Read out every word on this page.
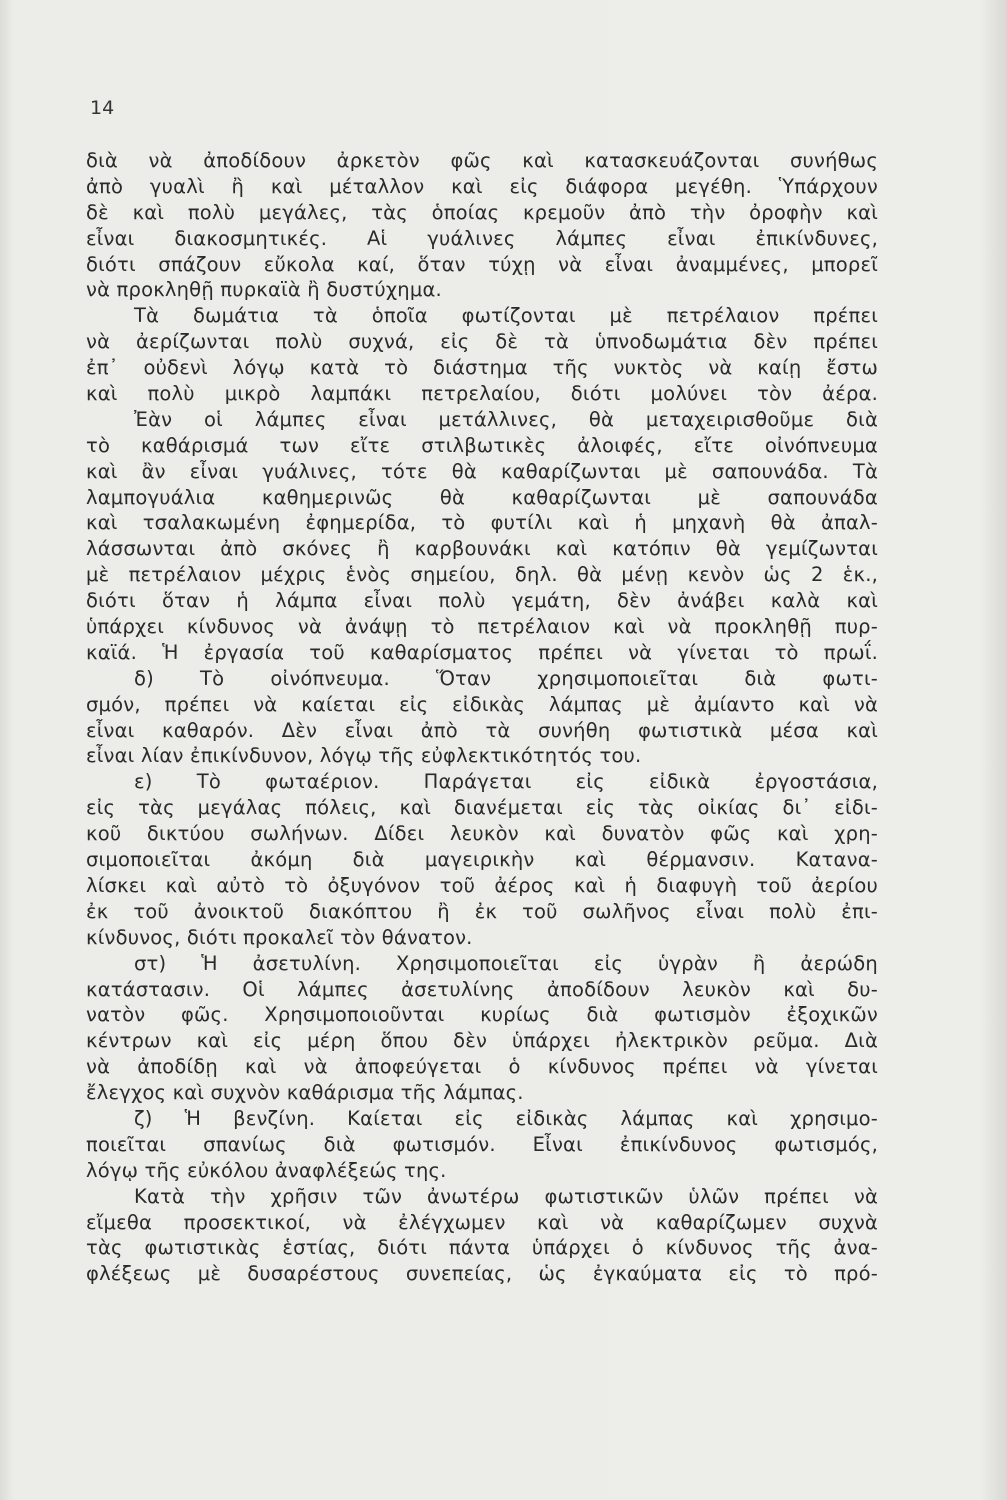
14
διὰ νὰ ἀποδίδουν ἀρκετὸν φῶς καὶ κατασκευάζονται συνήθως
ἀπὸ γυαλὶ ἢ καὶ μέταλλον καὶ εἰς διάφορα μεγέθη. Ὑπάρχουν
δὲ καὶ πολὺ μεγάλες, τὰς ὁποίας κρεμοῦν ἀπὸ τὴν ὀροφὴν καὶ
εἶναι διακοσμητικές. Αἱ γυάλινες λάμπες εἶναι ἐπικίνδυνες,
διότι σπάζουν εὔκολα καί, ὅταν τύχῃ νὰ εἶναι ἀναμμένες, μπορεῖ
νὰ προκληθῇ πυρκαϊὰ ἢ δυστύχημα.
Τὰ δωμάτια τὰ ὁποῖα φωτίζονται μὲ πετρέλαιον πρέπει
νὰ ἀερίζωνται πολὺ συχνά, εἰς δὲ τὰ ὑπνοδωμάτια δὲν πρέπει
ἐπ᾽ οὐδενὶ λόγῳ κατὰ τὸ διάστημα τῆς νυκτὸς νὰ καίῃ ἔστω
καὶ πολὺ μικρὸ λαμπάκι πετρελαίου, διότι μολύνει τὸν ἀέρα.
Ἐὰν οἱ λάμπες εἶναι μετάλλινες, θὰ μεταχειρισθοῦμε διὰ
τὸ καθάρισμά των εἴτε στιλβωτικὲς ἀλοιφές, εἴτε οἰνόπνευμα
καὶ ἂν εἶναι γυάλινες, τότε θὰ καθαρίζωνται μὲ σαπουνάδα. Τὰ
λαμπογυάλια καθημερινῶς θὰ καθαρίζωνται μὲ σαπουνάδα
καὶ τσαλακωμένη ἐφημερίδα, τὸ φυτίλι καὶ ἡ μηχανὴ θὰ ἀπαλ-
λάσσωνται ἀπὸ σκόνες ἢ καρβουνάκι καὶ κατόπιν θὰ γεμίζωνται
μὲ πετρέλαιον μέχρις ἑνὸς σημείου, δηλ. θὰ μένῃ κενὸν ὡς 2 ἑκ.,
διότι ὅταν ἡ λάμπα εἶναι πολὺ γεμάτη, δὲν ἀνάβει καλὰ καὶ
ὑπάρχει κίνδυνος νὰ ἀνάψῃ τὸ πετρέλαιον καὶ νὰ προκληθῇ πυρ-
καϊά. Ἡ ἐργασία τοῦ καθαρίσματος πρέπει νὰ γίνεται τὸ πρωΐ.
δ) Τὸ οἰνόπνευμα. Ὅταν χρησιμοποιεῖται διὰ φωτι-
σμόν, πρέπει νὰ καίεται εἰς εἰδικὰς λάμπας μὲ ἀμίαντο καὶ νὰ
εἶναι καθαρόν. Δὲν εἶναι ἀπὸ τὰ συνήθη φωτιστικὰ μέσα καὶ
εἶναι λίαν ἐπικίνδυνον, λόγῳ τῆς εὐφλεκτικότητός του.
ε) Τὸ φωταέριον. Παράγεται εἰς εἰδικὰ ἐργοστάσια,
εἰς τὰς μεγάλας πόλεις, καὶ διανέμεται εἰς τὰς οἰκίας δι᾽ εἰδι-
κοῦ δικτύου σωλήνων. Δίδει λευκὸν καὶ δυνατὸν φῶς καὶ χρη-
σιμοποιεῖται ἀκόμη διὰ μαγειρικὴν καὶ θέρμανσιν. Κατανα-
λίσκει καὶ αὐτὸ τὸ ὀξυγόνον τοῦ ἀέρος καὶ ἡ διαφυγὴ τοῦ ἀερίου
ἐκ τοῦ ἀνοικτοῦ διακόπτου ἢ ἐκ τοῦ σωλῆνος εἶναι πολὺ ἐπι-
κίνδυνος, διότι προκαλεῖ τὸν θάνατον.
στ) Ἡ ἀσετυλίνη. Χρησιμοποιεῖται εἰς ὑγρὰν ἢ ἀερώδη
κατάστασιν. Οἱ λάμπες ἀσετυλίνης ἀποδίδουν λευκὸν καὶ δυ-
νατὸν φῶς. Χρησιμοποιοῦνται κυρίως διὰ φωτισμὸν ἐξοχικῶν
κέντρων καὶ εἰς μέρη ὅπου δὲν ὑπάρχει ἠλεκτρικὸν ρεῦμα. Διὰ
νὰ ἀποδίδῃ καὶ νὰ ἀποφεύγεται ὁ κίνδυνος πρέπει νὰ γίνεται
ἔλεγχος καὶ συχνὸν καθάρισμα τῆς λάμπας.
ζ) Ἡ βενζίνη. Καίεται εἰς εἰδικὰς λάμπας καὶ χρησιμο-
ποιεῖται σπανίως διὰ φωτισμόν. Εἶναι ἐπικίνδυνος φωτισμός,
λόγῳ τῆς εὐκόλου ἀναφλέξεώς της.
Κατὰ τὴν χρῆσιν τῶν ἀνωτέρω φωτιστικῶν ὑλῶν πρέπει νὰ
εἴμεθα προσεκτικοί, νὰ ἐλέγχωμεν καὶ νὰ καθαρίζωμεν συχνὰ
τὰς φωτιστικὰς ἑστίας, διότι πάντα ὑπάρχει ὁ κίνδυνος τῆς ἀνα-
φλέξεως μὲ δυσαρέστους συνεπείας, ὡς ἐγκαύματα εἰς τὸ πρό-
